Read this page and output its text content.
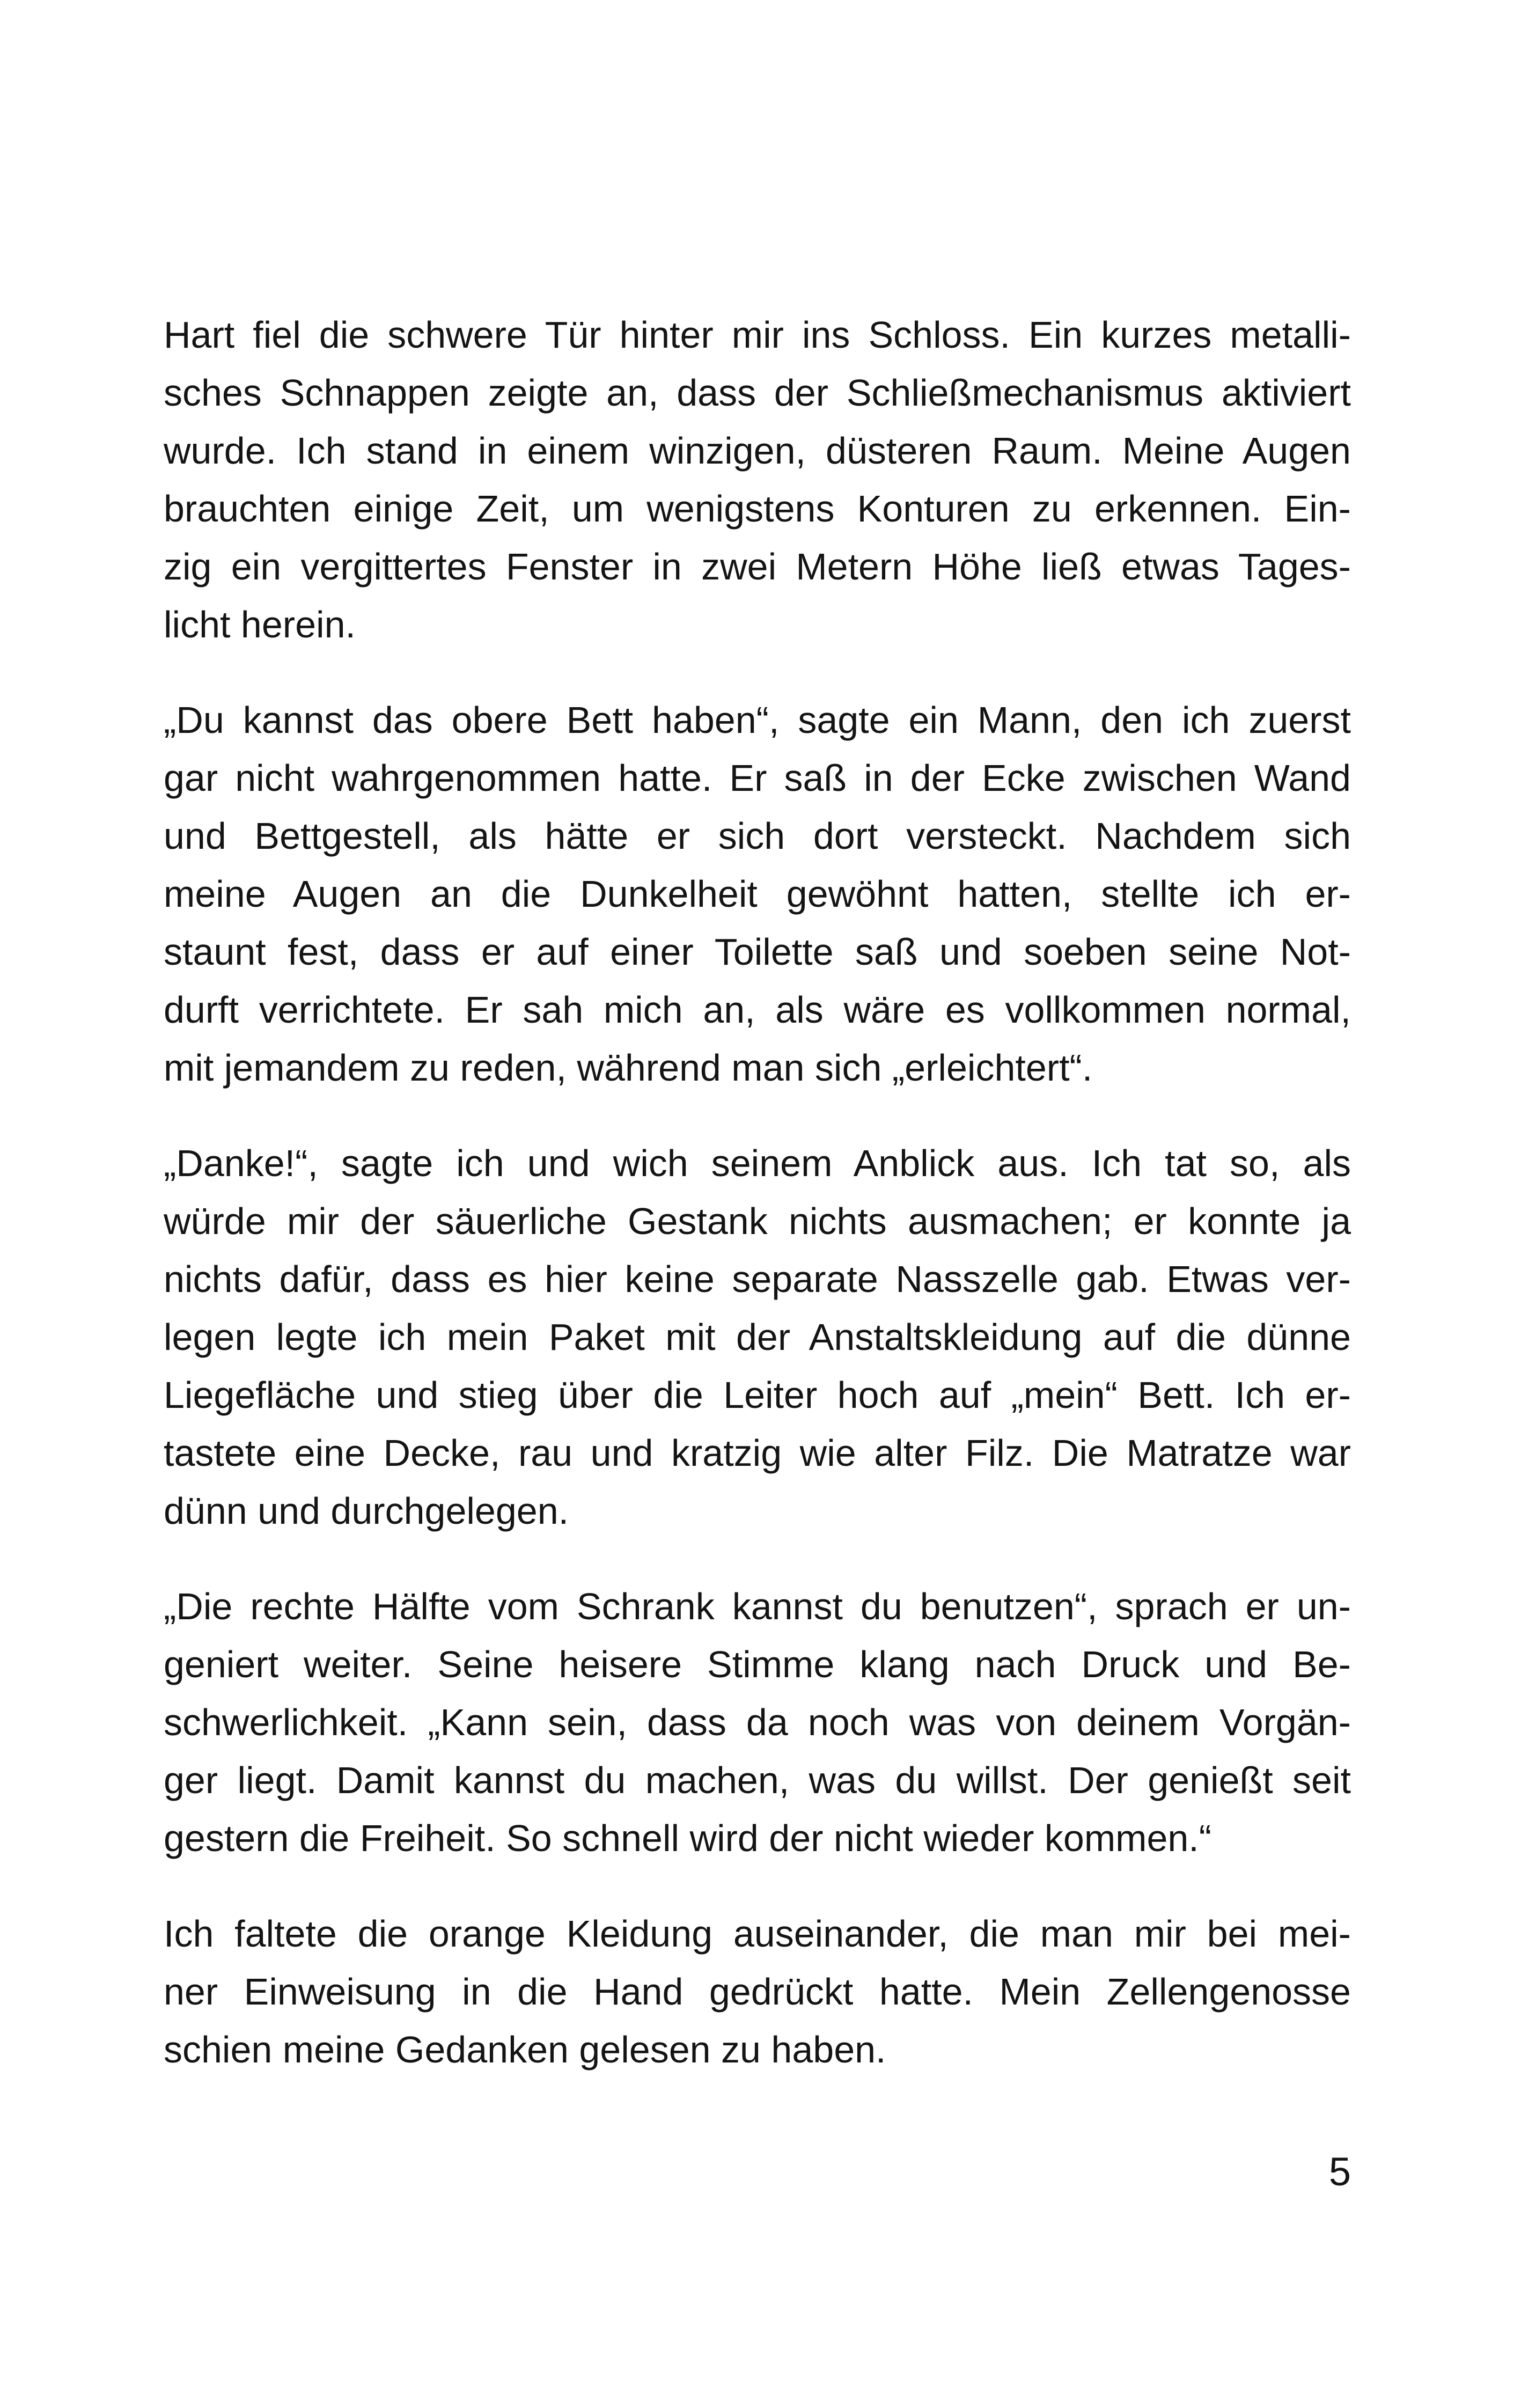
Hart fiel die schwere Tür hinter mir ins Schloss. Ein kurzes metalli-
sches Schnappen zeigte an, dass der Schließmechanismus aktiviert
wurde. Ich stand in einem winzigen, düsteren Raum. Meine Augen
brauchten einige Zeit, um wenigstens Konturen zu erkennen. Ein-
zig ein vergittertes Fenster in zwei Metern Höhe ließ etwas Tages-
licht herein.
„Du kannst das obere Bett haben“, sagte ein Mann, den ich zuerst
gar nicht wahrgenommen hatte. Er saß in der Ecke zwischen Wand
und Bettgestell, als hätte er sich dort versteckt. Nachdem sich
meine Augen an die Dunkelheit gewöhnt hatten, stellte ich er-
staunt fest, dass er auf einer Toilette saß und soeben seine Not-
durft verrichtete. Er sah mich an, als wäre es vollkommen normal,
mit jemandem zu reden, während man sich „erleichtert“.
„Danke!“, sagte ich und wich seinem Anblick aus. Ich tat so, als
würde mir der säuerliche Gestank nichts ausmachen; er konnte ja
nichts dafür, dass es hier keine separate Nasszelle gab. Etwas ver-
legen legte ich mein Paket mit der Anstaltskleidung auf die dünne
Liegefläche und stieg über die Leiter hoch auf „mein“ Bett. Ich er-
tastete eine Decke, rau und kratzig wie alter Filz. Die Matratze war
dünn und durchgelegen.
„Die rechte Hälfte vom Schrank kannst du benutzen“, sprach er un-
geniert weiter. Seine heisere Stimme klang nach Druck und Be-
schwerlichkeit. „Kann sein, dass da noch was von deinem Vorgän-
ger liegt. Damit kannst du machen, was du willst. Der genießt seit
gestern die Freiheit. So schnell wird der nicht wieder kommen.“
Ich faltete die orange Kleidung auseinander, die man mir bei mei-
ner Einweisung in die Hand gedrückt hatte. Mein Zellengenosse
schien meine Gedanken gelesen zu haben.
5
